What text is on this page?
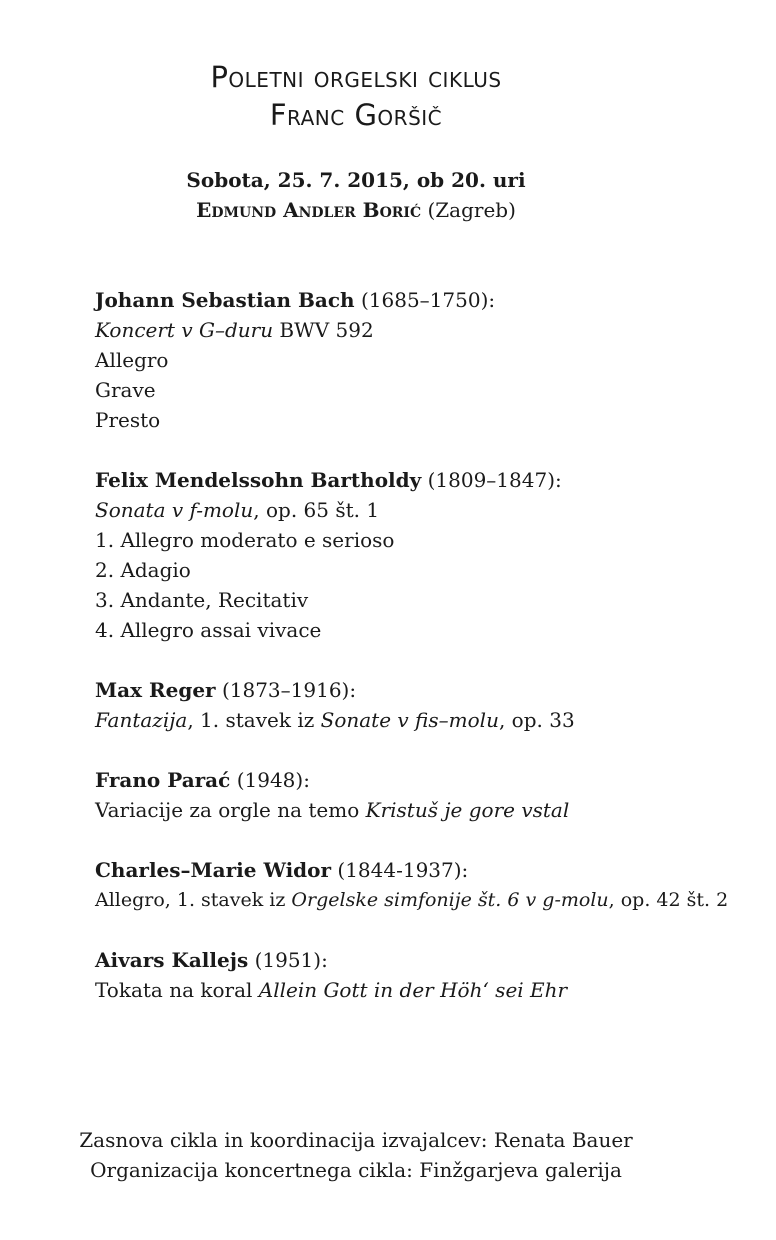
Poletni orgelski ciklus
Franc Goršič
Sobota, 25. 7. 2015, ob 20. uri
Edmund Andler Borić (Zagreb)
Johann Sebastian Bach (1685–1750):
Koncert v G–duru BWV 592
Allegro
Grave
Presto
Felix Mendelssohn Bartholdy (1809–1847):
Sonata v f-molu, op. 65 št. 1
1. Allegro moderato e serioso
2. Adagio
3. Andante, Recitativ
4. Allegro assai vivace
Max Reger (1873–1916):
Fantazija, 1. stavek iz Sonate v fis–molu, op. 33
Frano Parać (1948):
Variacije za orgle na temo Kristuš je gore vstal
Charles–Marie Widor (1844-1937):
Allegro, 1. stavek iz Orgelske simfonije št. 6 v g-molu, op. 42 št. 2
Aivars Kallejs (1951):
Tokata na koral Allein Gott in der Höh‘ sei Ehr
Zasnova cikla in koordinacija izvajalcev: Renata Bauer
Organizacija koncertnega cikla: Finžgarjeva galerija
